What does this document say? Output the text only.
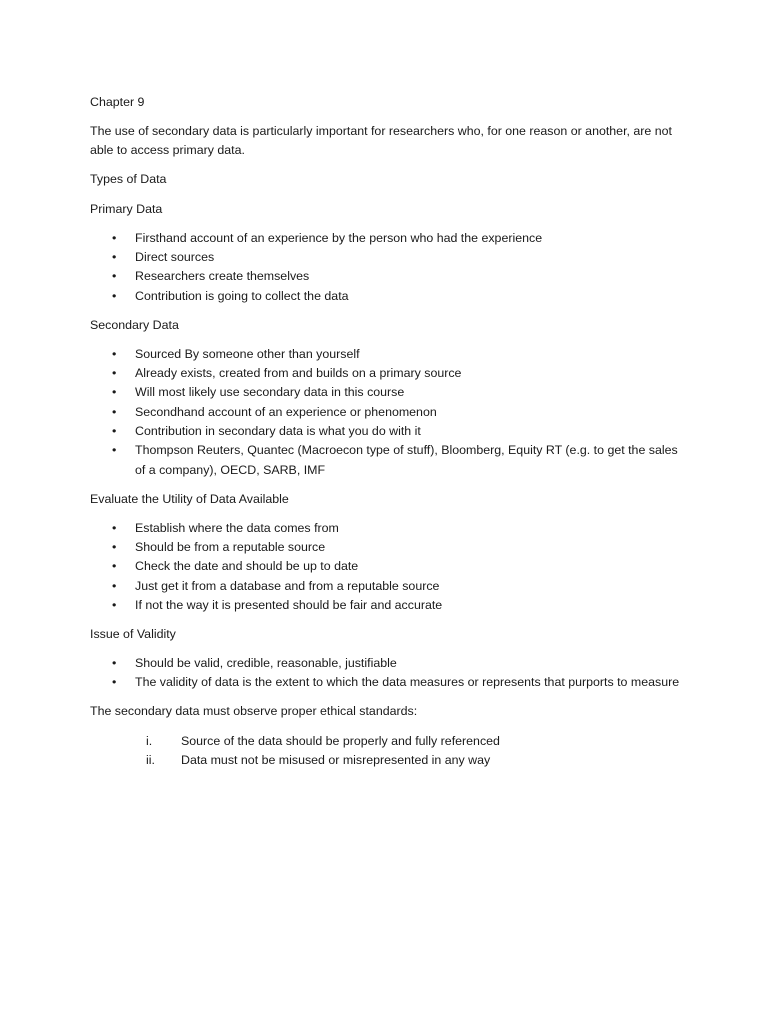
Chapter 9

The use of secondary data is particularly important for researchers who, for one reason or another, are not able to access primary data.

Types of Data

Primary Data

• Firsthand account of an experience by the person who had the experience
• Direct sources
• Researchers create themselves
• Contribution is going to collect the data

Secondary Data

• Sourced By someone other than yourself
• Already exists, created from and builds on a primary source
• Will most likely use secondary data in this course
• Secondhand account of an experience or phenomenon
• Contribution in secondary data is what you do with it
• Thompson Reuters, Quantec (Macroecon type of stuff), Bloomberg, Equity RT (e.g. to get the sales of a company), OECD, SARB, IMF

Evaluate the Utility of Data Available

• Establish where the data comes from
• Should be from a reputable source
• Check the date and should be up to date
• Just get it from a database and from a reputable source
• If not the way it is presented should be fair and accurate

Issue of Validity

• Should be valid, credible, reasonable, justifiable
• The validity of data is the extent to which the data measures or represents that purports to measure

The secondary data must observe proper ethical standards:

i. Source of the data should be properly and fully referenced
ii. Data must not be misused or misrepresented in any way
